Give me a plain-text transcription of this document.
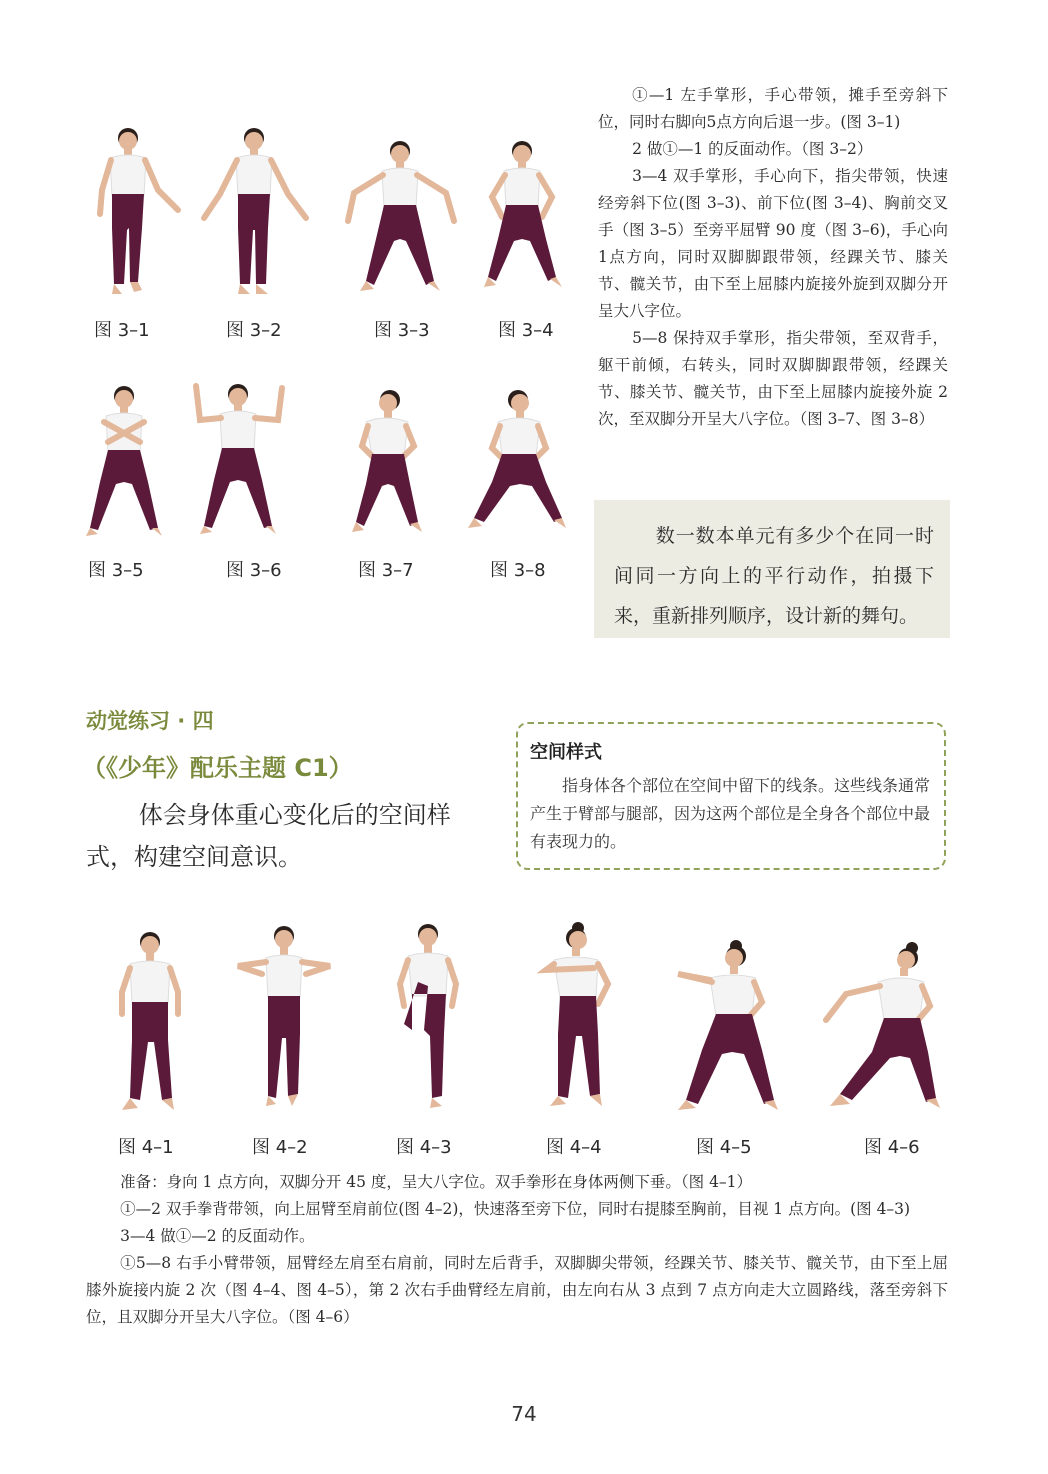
图 3–1	图 3–2	图 3–3	图 3–4
图 3–5	图 3–6	图 3–7	图 3–8

①—1 左手掌形，手心带领，摊手至旁斜下位，同时右脚向5点方向后退一步。(图 3–1)

2 做①—1 的反面动作。（图 3–2）

3—4 双手掌形，手心向下，指尖带领，快速经旁斜下位(图 3–3)、前下位(图 3–4)、胸前交叉手（图 3–5）至旁平屈臂 90 度（图 3–6)，手心向1点方向，同时双脚脚跟带领，经踝关节、膝关节、髋关节，由下至上屈膝内旋接外旋到双脚分开呈大八字位。

5—8 保持双手掌形，指尖带领，至双背手，躯干前倾，右转头，同时双脚脚跟带领，经踝关节、膝关节、髋关节，由下至上屈膝内旋接外旋 2 次，至双脚分开呈大八字位。（图 3–7、图 3–8）

数一数本单元有多少个在同一时间同一方向上的平行动作，拍摄下来，重新排列顺序，设计新的舞句。

动觉练习 · 四
（《少年》配乐主题 C1）
体会身体重心变化后的空间样式，构建空间意识。
空间样式
指身体各个部位在空间中留下的线条。这些线条通常产生于臂部与腿部，因为这两个部位是全身各个部位中最有表现力的。
图 4–1	图 4–2	图 4–3	图 4–4	图 4–5	图 4–6

准备：身向 1 点方向，双脚分开 45 度，呈大八字位。双手拳形在身体两侧下垂。（图 4–1）

①—2 双手拳背带领，向上屈臂至肩前位(图 4–2)，快速落至旁下位，同时右提膝至胸前，目视 1 点方向。(图 4–3)

3—4 做①—2 的反面动作。

①5—8 右手小臂带领，屈臂经左肩至右肩前，同时左后背手，双脚脚尖带领，经踝关节、膝关节、髋关节，由下至上屈膝外旋接内旋 2 次（图 4–4、图 4–5），第 2 次右手曲臂经左肩前，由左向右从 3 点到 7 点方向走大立圆路线，落至旁斜下位，且双脚分开呈大八字位。（图 4–6）

74
